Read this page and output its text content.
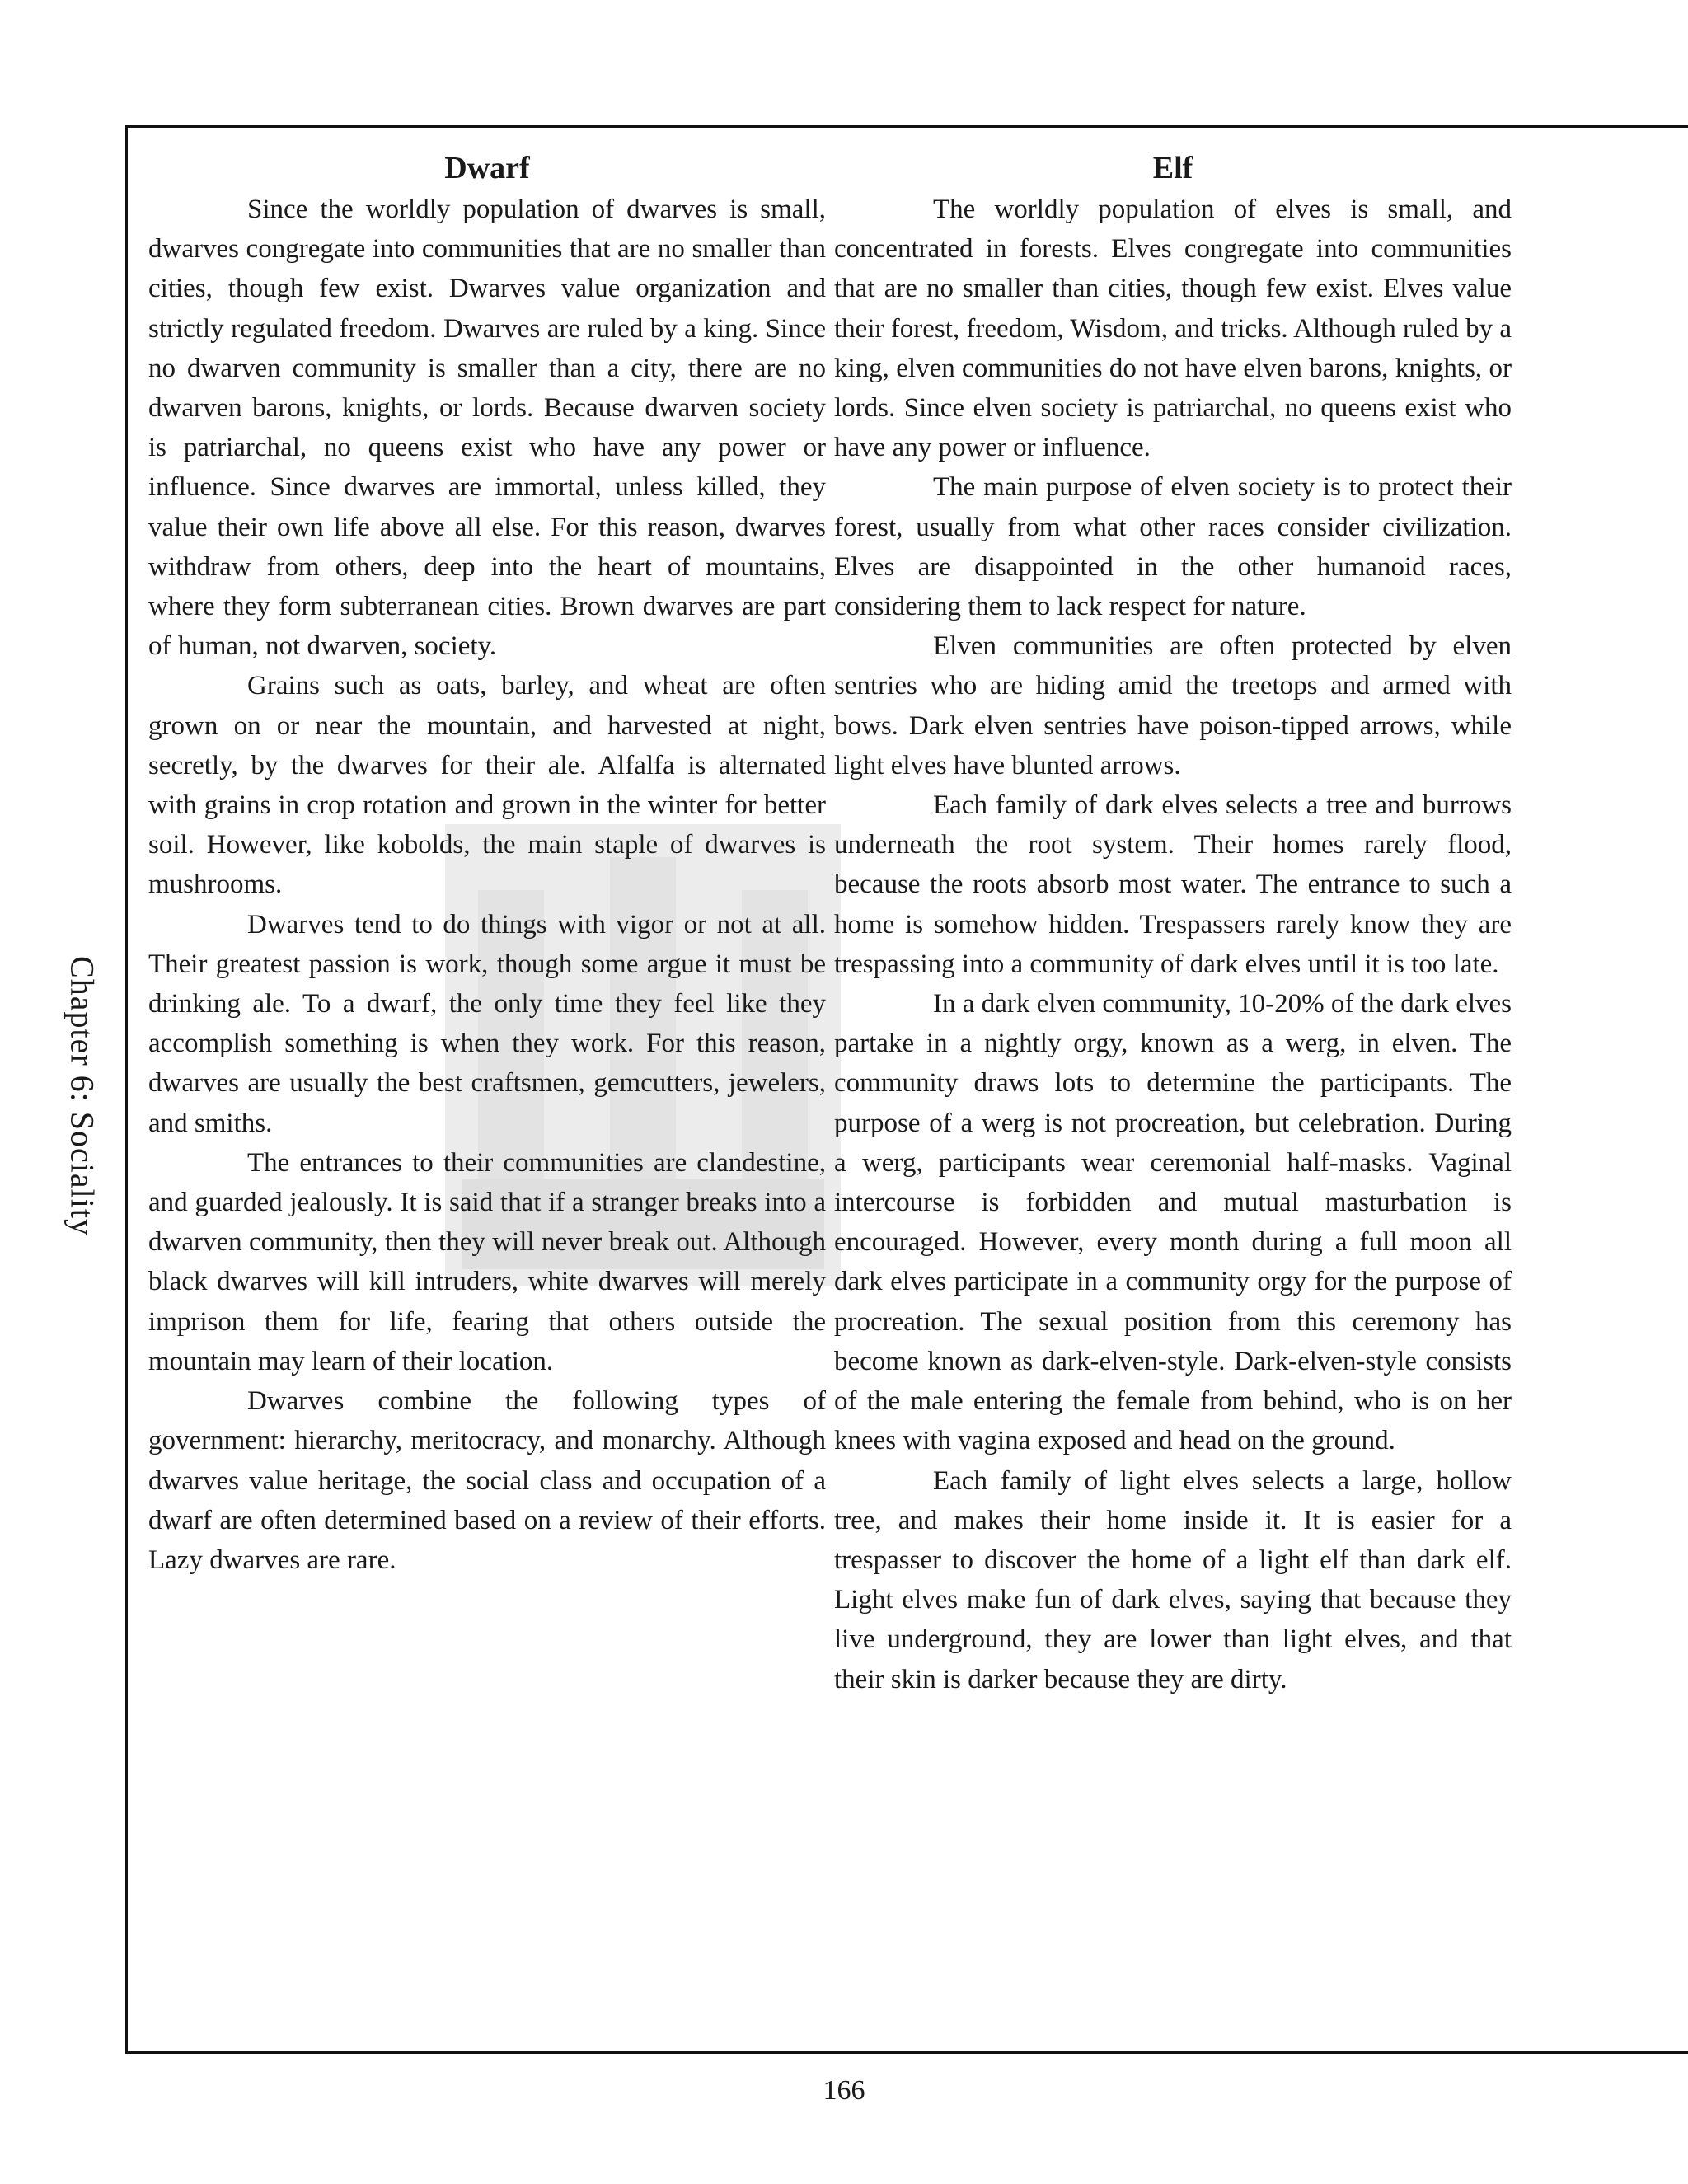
Chapter 6: Sociality
Dwarf

Since the worldly population of dwarves is small, dwarves congregate into communities that are no smaller than cities, though few exist. Dwarves value organization and strictly regulated freedom. Dwarves are ruled by a king. Since no dwarven community is smaller than a city, there are no dwarven barons, knights, or lords. Because dwarven society is patriarchal, no queens exist who have any power or influence. Since dwarves are immortal, unless killed, they value their own life above all else. For this reason, dwarves withdraw from others, deep into the heart of mountains, where they form subterranean cities. Brown dwarves are part of human, not dwarven, society.

Grains such as oats, barley, and wheat are often grown on or near the mountain, and harvested at night, secretly, by the dwarves for their ale. Alfalfa is alternated with grains in crop rotation and grown in the winter for better soil. However, like kobolds, the main staple of dwarves is mushrooms.

Dwarves tend to do things with vigor or not at all. Their greatest passion is work, though some argue it must be drinking ale. To a dwarf, the only time they feel like they accomplish something is when they work. For this reason, dwarves are usually the best craftsmen, gemcutters, jewelers, and smiths.

The entrances to their communities are clandestine, and guarded jealously. It is said that if a stranger breaks into a dwarven community, then they will never break out. Although black dwarves will kill intruders, white dwarves will merely imprison them for life, fearing that others outside the mountain may learn of their location.

Dwarves combine the following types of government: hierarchy, meritocracy, and monarchy. Although dwarves value heritage, the social class and occupation of a dwarf are often determined based on a review of their efforts. Lazy dwarves are rare.

Elf

The worldly population of elves is small, and concentrated in forests. Elves congregate into communities that are no smaller than cities, though few exist. Elves value their forest, freedom, Wisdom, and tricks. Although ruled by a king, elven communities do not have elven barons, knights, or lords. Since elven society is patriarchal, no queens exist who have any power or influence.

The main purpose of elven society is to protect their forest, usually from what other races consider civilization. Elves are disappointed in the other humanoid races, considering them to lack respect for nature.

Elven communities are often protected by elven sentries who are hiding amid the treetops and armed with bows. Dark elven sentries have poison-tipped arrows, while light elves have blunted arrows.

Each family of dark elves selects a tree and burrows underneath the root system. Their homes rarely flood, because the roots absorb most water. The entrance to such a home is somehow hidden. Trespassers rarely know they are trespassing into a community of dark elves until it is too late.

In a dark elven community, 10-20% of the dark elves partake in a nightly orgy, known as a werg, in elven. The community draws lots to determine the participants. The purpose of a werg is not procreation, but celebration. During a werg, participants wear ceremonial half-masks. Vaginal intercourse is forbidden and mutual masturbation is encouraged. However, every month during a full moon all dark elves participate in a community orgy for the purpose of procreation. The sexual position from this ceremony has become known as dark-elven-style. Dark-elven-style consists of the male entering the female from behind, who is on her knees with vagina exposed and head on the ground.

Each family of light elves selects a large, hollow tree, and makes their home inside it. It is easier for a trespasser to discover the home of a light elf than dark elf. Light elves make fun of dark elves, saying that because they live underground, they are lower than light elves, and that their skin is darker because they are dirty.

166
